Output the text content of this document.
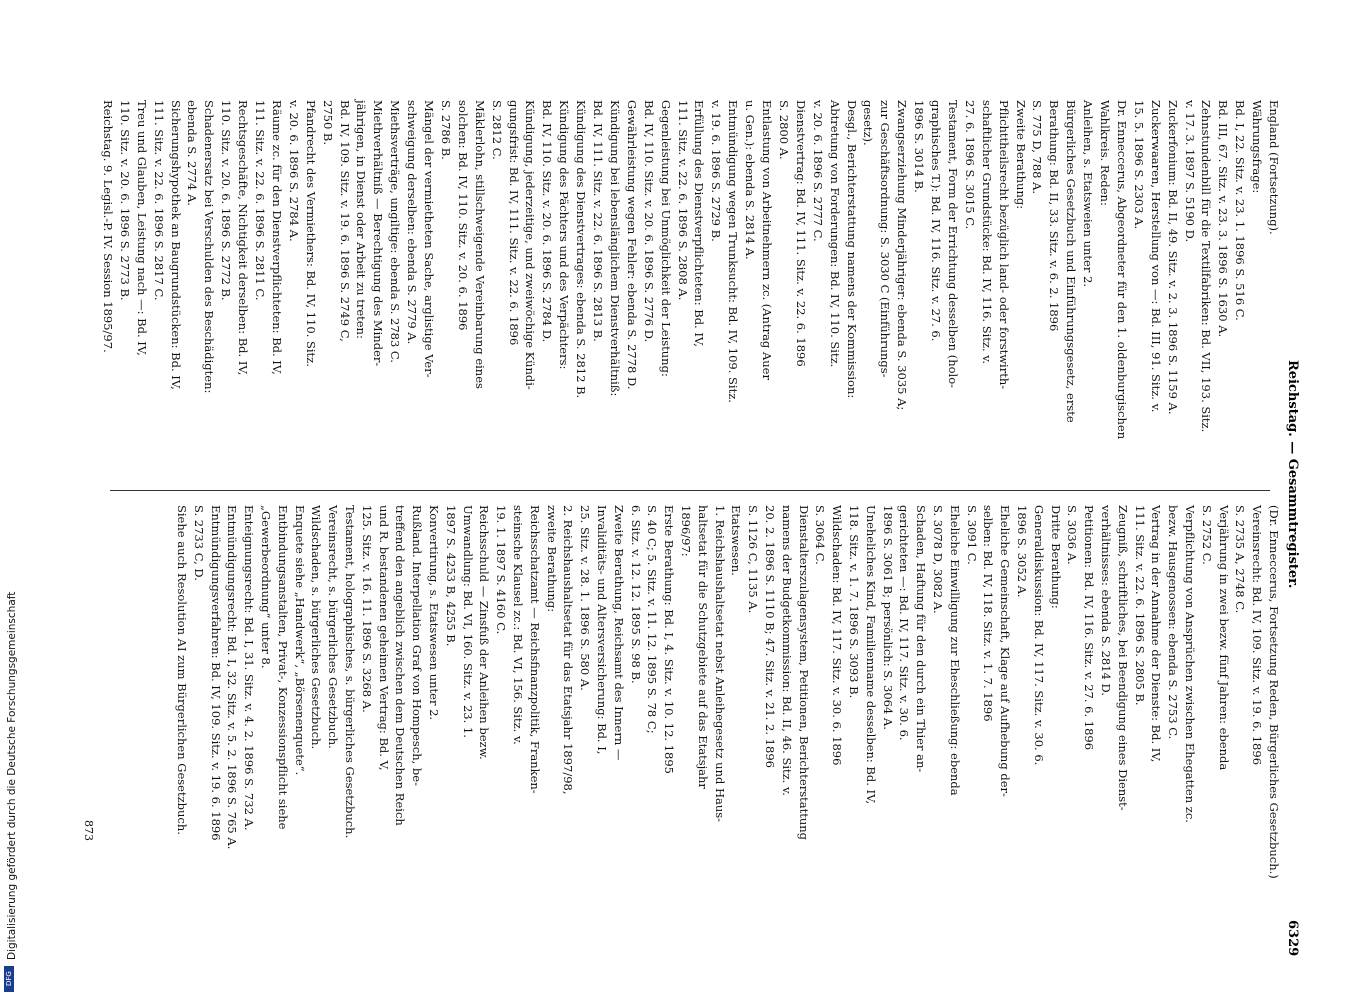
Reichstag. — Gesammtregister.
6329
England (Fortsetzung).
Währungsfrage:
Bd. I, 22. Sitz. v. 23. 1. 1896 S. 516 C.
Bd. III, 67. Sitz. v. 23. 3. 1896 S. 1630 A.
Zehnstundenbill für die Textilfabriken: Bd. VII, 193. Sitz.
v. 17. 3. 1897 S. 5190 D.
Zuckerfonium: Bd. II, 49. Sitz. v. 2. 3. 1896 S. 1159 A.
Zuckerwaaren, Herstellung von —: Bd. III, 91. Sitz. v.
15. 5. 1896 S. 2303 A.
Dr. Enneccerus, Abgeordneter für den 1. oldenburgischen
Wahlkreis. Reden:
Anleihen, s. Etatsweien unter 2.
Bürgerliches Gesetzbuch und Einführungsgesetz, erste
Berathung: Bd. II, 33. Sitz. v. 6. 2. 1896
S. 775 D, 788 A.
Zweite Berathung:
Pflichttheilsrecht bezüglich land- oder forstwirth-
schaftlicher Grundstücke: Bd. IV, 116. Sitz. v.
27. 6. 1896 S. 3015 C.
Testament, Form der Errichtung desselben (holo-
graphisches T.): Bd. IV, 116. Sitz. v. 27. 6.
1896 S. 3014 B.
Zwangserziehung Minderjähriger: ebenda S. 3035 A;
zur Geschäftsordnung: S. 3030 C (Einführungs-
gesetz).
Desgl., Berichterstattung namens der Kommission:
Abtretung von Forderungen: Bd. IV, 110. Sitz.
v. 20. 6. 1896 S. 2777 C.
Dienstvertrag: Bd. IV, 111. Sitz. v. 22. 6. 1896
S. 2800 A.
Entlastung von Arbeitnehmern zc. (Antrag Auer
u. Gen.): ebenda S. 2814 A.
Entmündigung wegen Trunksucht: Bd. IV, 109. Sitz.
v. 19. 6. 1896 S. 2729 B.
Erfüllung des Dienstverpflichteten: Bd. IV,
111. Sitz. v. 22. 6. 1896 S. 2808 A.
Gegenleistung bei Unmöglichkeit der Leistung:
Bd. IV, 110. Sitz. v. 20. 6. 1896 S. 2776 D.
Gewährleistung wegen Fehler: ebenda S. 2778 D.
Kündigung bei lebenslänglichem Dienstverhältniß:
Bd. IV, 111. Sitz. v. 22. 6. 1896 S. 2813 B.
Kündigung des Dienstvertrages: ebenda S. 2812 B.
Kündigung des Pächters und des Verpächters:
Bd. IV, 110. Sitz. v. 20. 6. 1896 S. 2784 D.
Kündigung, jederzeitige, und zweiwöchige Kündi-
gungsfrist: Bd. IV, 111. Sitz. v. 22. 6. 1896
S. 2812 C.
Mäklerlohn, stillschweigende Vereinbarung eines
solchen: Bd. IV, 110. Sitz. v. 20. 6. 1896
S. 2786 B.
Mängel der vermietheten Sache, arglistige Ver-
schweigung derselben: ebenda S. 2779 A.
Miethsverträge, ungiltige: ebenda S. 2783 C.
Miethverhältniß — Berechtigung des Minder-
jährigen, in Dienst oder Arbeit zu treten:
Bd. IV, 109. Sitz. v. 19. 6. 1896 S. 2749 C,
2750 B.
Pfandrecht des Vermiethers: Bd. IV, 110. Sitz.
v. 20. 6. 1896 S. 2784 A.
Räume zc. für den Dienstverpflichteten: Bd. IV,
111. Sitz. v. 22. 6. 1896 S. 2811 C.
Rechtsgeschäfte, Nichtigkeit derselben: Bd. IV,
110. Sitz. v. 20. 6. 1896 S. 2772 B.
Schadenersatz bei Verschulden des Beschädigten:
ebenda S. 2774 A.
Sicherungshypothek an Baugrundstücken: Bd. IV,
111. Sitz. v. 22. 6. 1896 S. 2817 C.
Treu und Glauben, Leistung nach —: Bd. IV,
110. Sitz. v. 20. 6. 1896 S. 2773 B.
Reichstag. 9. Legisl.-P. IV. Session 1895/97.
(Dr. Enneccerus, Fortsetzung Reden, Bürgerliches Gesetzbuch.)
Vereinsrecht: Bd. IV, 109. Sitz. v. 19. 6. 1896
S. 2735 A, 2748 C.
Verjährung in zwei bezw. fünf Jahren: ebenda
S. 2752 C.
Verpflichtung von Ansprüchen zwischen Ehegatten zc.
bezw. Hausgenossen: ebenda S. 2753 C.
Vertrag in der Annahme der Dienste: Bd. IV,
111. Sitz. v. 22. 6. 1896 S. 2805 B.
Zeugniß, schriftliches, bei Beendigung eines Dienst-
verhältnisses: ebenda S. 2814 D.
Petitionen: Bd. IV, 116. Sitz. v. 27. 6. 1896
S. 3036 A.
Dritte Berathung:
Generaldiskussion: Bd. IV, 117. Sitz. v. 30. 6.
1896 S. 3052 A.
Eheliche Gemeinschaft, Klage auf Aufhebung der-
selben: Bd. IV, 118. Sitz. v. 1. 7. 1896
S. 3091 C.
Eheliche Einwilligung zur Eheschließung: ebenda
S. 3078 D, 3082 A.
Schaden, Haftung für den durch ein Thier an-
gerichteten —: Bd. IV, 117. Sitz. v. 30. 6.
1896 S. 3061 B; persönlich: S. 3064 A.
Uneheliches Kind, Familienname desselben: Bd. IV,
118. Sitz. v. 1. 7. 1896 S. 3093 B.
Wildschaden: Bd. IV, 117. Sitz. v. 30. 6. 1896
S. 3064 C.
Dienstalterszulagensystem, Petitionen, Berichterstattung
namens der Budgetkommission: Bd. II, 46. Sitz. v.
20. 2. 1896 S. 1110 B; 47. Sitz. v. 21. 2. 1896
S. 1126 C, 1135 A.
Etatswesen.
1. Reichshaushaltsetat nebst Anleihegesetz und Haus-
haltsetat für die Schutzgebiete auf das Etatsjahr
1896/97:
Erste Berathung: Bd. I, 4. Sitz. v. 10. 12. 1895
S. 40 C; 5. Sitz. v. 11. 12. 1895 S. 78 C;
6. Sitz. v. 12. 12. 1895 S. 98 B.
Zweite Berathung, Reichsamt des Innern —
Invaliditäts- und Altersversicherung: Bd. I,
25. Sitz. v. 28. 1. 1896 S. 580 A.
2. Reichshaushaltsetat für das Etatsjahr 1897/98,
zweite Berathung:
Reichsschatzamt — Reichsfinanzpolitik, Franken-
steinsche Klausel zc.: Bd. VI, 156. Sitz. v.
19. 1. 1897 S. 4160 C.
Reichsschuld — Zinsfuß der Anleihen bezw.
Umwandlung: Bd. VI, 160. Sitz. v. 23. 1.
1897 S. 4253 B, 4255 B.
Konvertirung, s. Etatswesen unter 2.
Rußland. Interpellation Graf von Hompesch, be-
treffend den angeblich zwischen dem Deutschen Reich
und R. bestandenen geheimen Vertrag: Bd. V,
125. Sitz. v. 16. 11. 1896 S. 3268 A.
Testament, holographisches, s. bürgerliches Gesetzbuch.
Vereinsrecht, s. bürgerliches Gesetzbuch.
Wildschaden, s. bürgerliches Gesetzbuch.
Enquete siehe „Handwerk“, „Börsenenquete“.
Entbindungsanstalten, Privat-, Konzessionspflicht siehe
„Gewerbeordnung“ unter 8.
Enteignungsrecht: Bd. I, 31. Sitz. v. 4. 2. 1896 S. 732 A.
Entmündigungsrecht: Bd. I, 32. Sitz. v. 5. 2. 1896 S. 765 A.
Entmündigungsverfahren: Bd. IV, 109. Sitz. v. 19. 6. 1896
S. 2733 C, D.
Siehe auch Resolution AI zum Bürgerlichen Gesetzbuch.
873
Digitalisierung gefördert durch die Deutsche Forschungsgemeinschaft
DFG
